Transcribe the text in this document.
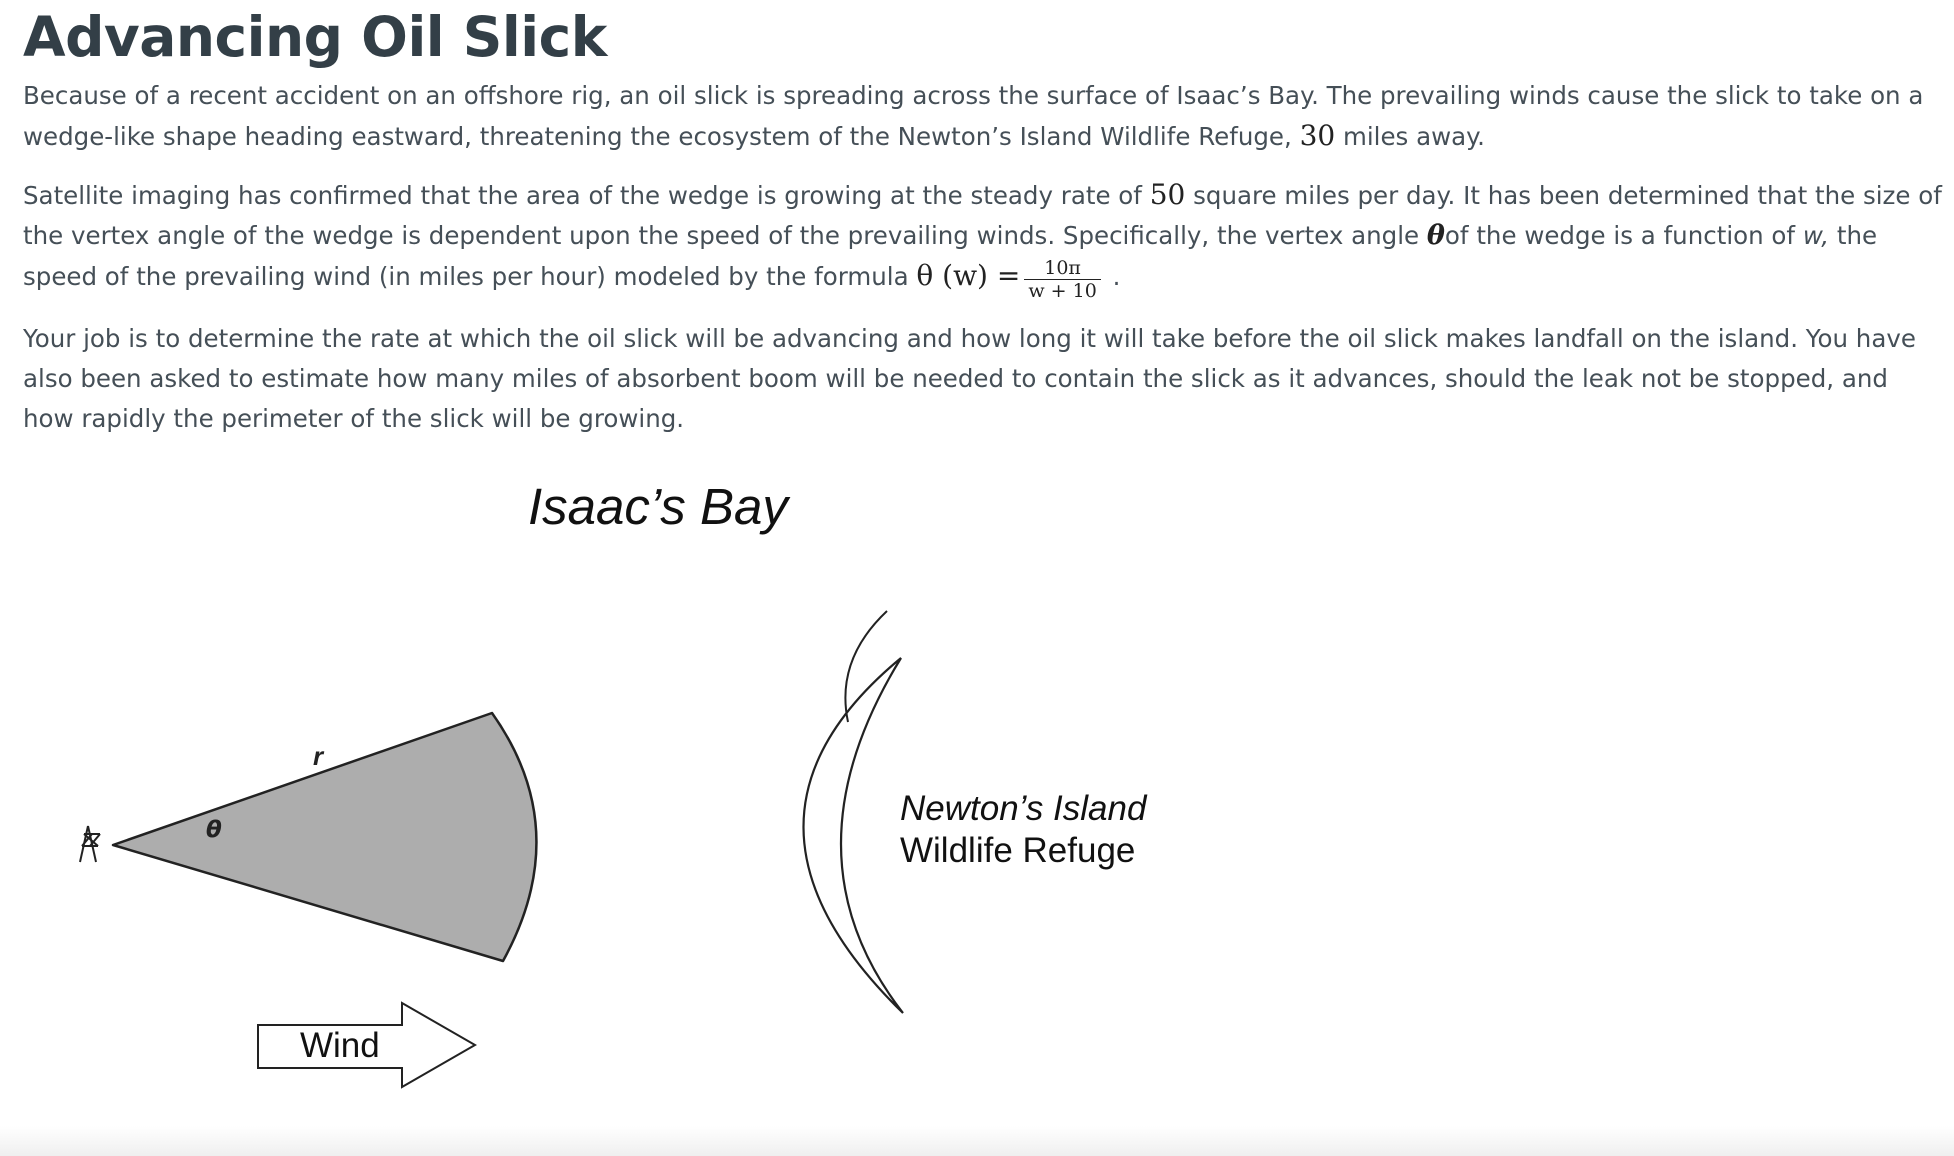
Advancing Oil Slick

Because of a recent accident on an offshore rig, an oil slick is spreading across the surface of Isaac’s Bay. The prevailing winds cause the slick to take on a wedge-like shape heading eastward, threatening the ecosystem of the Newton’s Island Wildlife Refuge, 30 miles away.

Satellite imaging has confirmed that the area of the wedge is growing at the steady rate of 50 square miles per day. It has been determined that the size of the vertex angle of the wedge is dependent upon the speed of the prevailing winds. Specifically, the vertex angle θof the wedge is a function of w, the speed of the prevailing wind (in miles per hour) modeled by the formula θ $(w) = \frac{10\pi}{w + 10}$ .

Your job is to determine the rate at which the oil slick will be advancing and how long it will take before the oil slick makes landfall on the island. You have also been asked to estimate how many miles of absorbent boom will be needed to contain the slick as it advances, should the leak not be stopped, and how rapidly the perimeter of the slick will be growing.

Isaac’s Bay
r
θ
Newton’s Island
Wildlife Refuge
Wind
